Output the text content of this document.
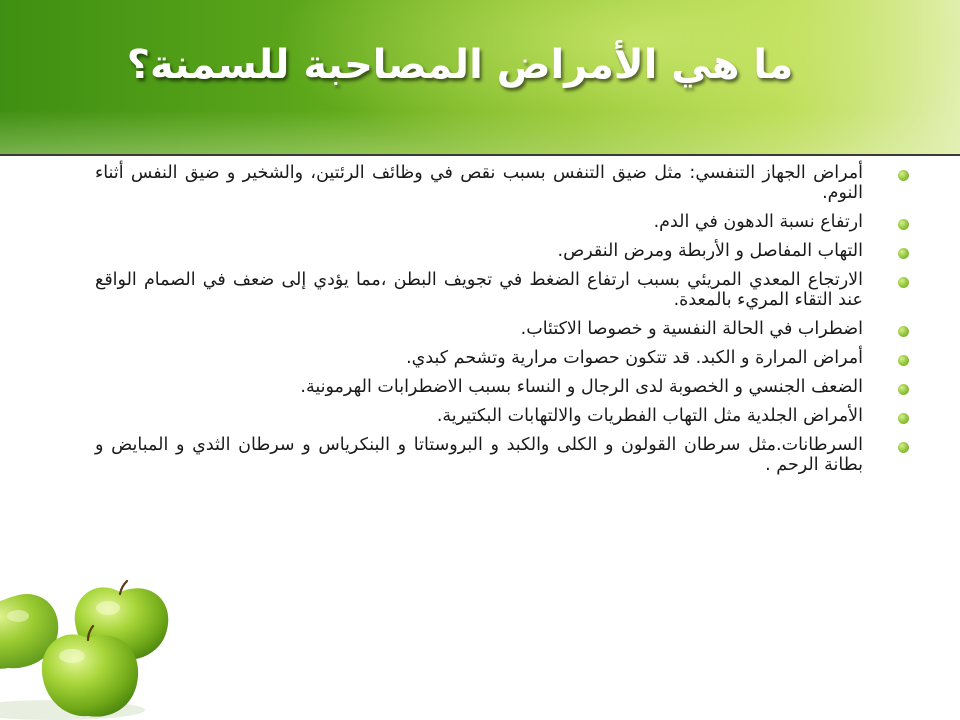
ما هي الأمراض المصاحبة للسمنة؟
أمراض الجهاز التنفسي: مثل ضيق التنفس بسبب نقص في وظائف الرئتين، والشخير و ضيق النفس أثناء النوم.
ارتفاع نسبة الدهون في الدم.
التهاب المفاصل و الأربطة ومرض النقرص.
الارتجاع المعدي المريئي بسبب ارتفاع الضغط في تجويف البطن ،مما يؤدي إلى ضعف في الصمام الواقع عند التقاء المريء بالمعدة.
اضطراب في الحالة النفسية و خصوصا الاكتئاب.
أمراض المرارة و الكبد. قد تتكون حصوات مرارية وتشحم كبدي.
الضعف الجنسي و الخصوبة لدى الرجال و النساء بسبب الاضطرابات الهرمونية.
الأمراض الجلدية مثل التهاب الفطريات والالتهابات البكتيرية.
السرطانات.مثل سرطان القولون و الكلى والكبد و البروستاتا و البنكرياس و سرطان الثدي و المبايض و بطانة الرحم .
